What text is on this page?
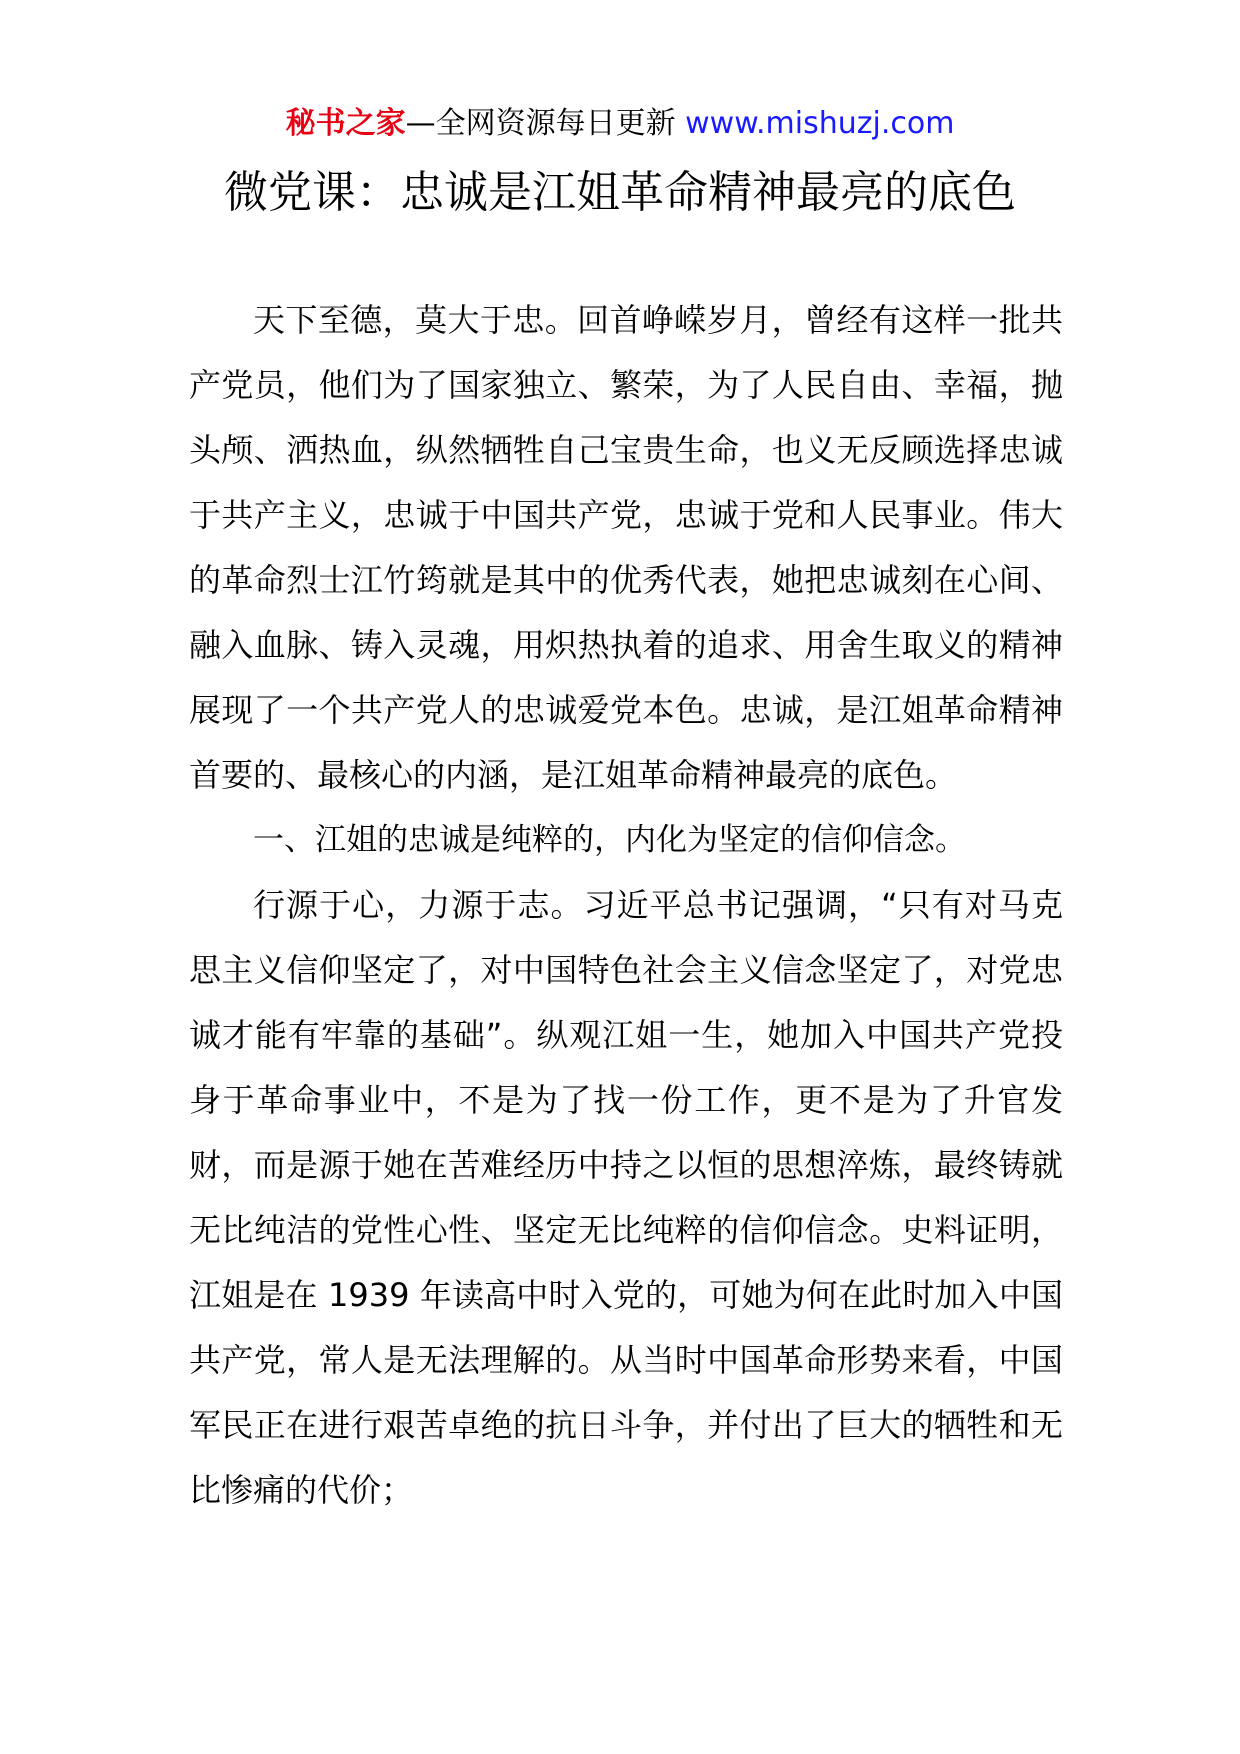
秘书之家—全网资源每日更新 www.mishuzj.com
微党课：忠诚是江姐革命精神最亮的底色

天下至德，莫大于忠。回首峥嵘岁月，曾经有这样一批共产党员，他们为了国家独立、繁荣，为了人民自由、幸福，抛头颅、洒热血，纵然牺牲自己宝贵生命，也义无反顾选择忠诚于共产主义，忠诚于中国共产党，忠诚于党和人民事业。伟大的革命烈士江竹筠就是其中的优秀代表，她把忠诚刻在心间、融入血脉、铸入灵魂，用炽热执着的追求、用舍生取义的精神展现了一个共产党人的忠诚爱党本色。忠诚，是江姐革命精神首要的、最核心的内涵，是江姐革命精神最亮的底色。

一、江姐的忠诚是纯粹的，内化为坚定的信仰信念。

行源于心，力源于志。习近平总书记强调，“只有对马克思主义信仰坚定了，对中国特色社会主义信念坚定了，对党忠诚才能有牢靠的基础”。纵观江姐一生，她加入中国共产党投身于革命事业中，不是为了找一份工作，更不是为了升官发财，而是源于她在苦难经历中持之以恒的思想淬炼，最终铸就无比纯洁的党性心性、坚定无比纯粹的信仰信念。史料证明，江姐是在 1939 年读高中时入党的，可她为何在此时加入中国共产党，常人是无法理解的。从当时中国革命形势来看，中国军民正在进行艰苦卓绝的抗日斗争，并付出了巨大的牺牲和无比惨痛的代价；
